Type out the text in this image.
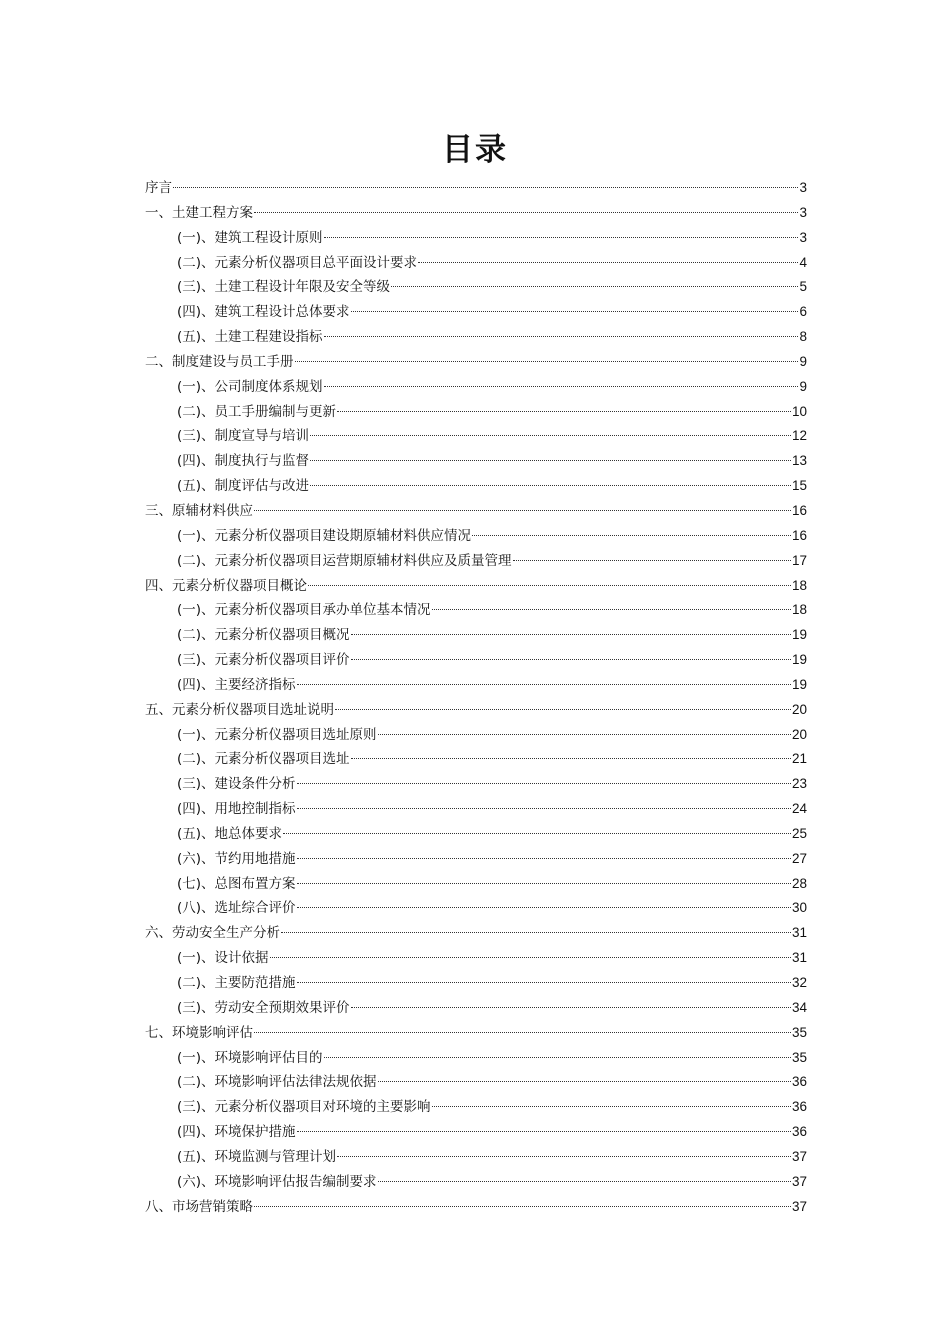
目录
序言	3
一、土建工程方案	3
(一)、建筑工程设计原则	3
(二)、元素分析仪器项目总平面设计要求	4
(三)、土建工程设计年限及安全等级	5
(四)、建筑工程设计总体要求	6
(五)、土建工程建设指标	8
二、制度建设与员工手册	9
(一)、公司制度体系规划	9
(二)、员工手册编制与更新	10
(三)、制度宣导与培训	12
(四)、制度执行与监督	13
(五)、制度评估与改进	15
三、原辅材料供应	16
(一)、元素分析仪器项目建设期原辅材料供应情况	16
(二)、元素分析仪器项目运营期原辅材料供应及质量管理	17
四、元素分析仪器项目概论	18
(一)、元素分析仪器项目承办单位基本情况	18
(二)、元素分析仪器项目概况	19
(三)、元素分析仪器项目评价	19
(四)、主要经济指标	19
五、元素分析仪器项目选址说明	20
(一)、元素分析仪器项目选址原则	20
(二)、元素分析仪器项目选址	21
(三)、建设条件分析	23
(四)、用地控制指标	24
(五)、地总体要求	25
(六)、节约用地措施	27
(七)、总图布置方案	28
(八)、选址综合评价	30
六、劳动安全生产分析	31
(一)、设计依据	31
(二)、主要防范措施	32
(三)、劳动安全预期效果评价	34
七、环境影响评估	35
(一)、环境影响评估目的	35
(二)、环境影响评估法律法规依据	36
(三)、元素分析仪器项目对环境的主要影响	36
(四)、环境保护措施	36
(五)、环境监测与管理计划	37
(六)、环境影响评估报告编制要求	37
八、市场营销策略	37
